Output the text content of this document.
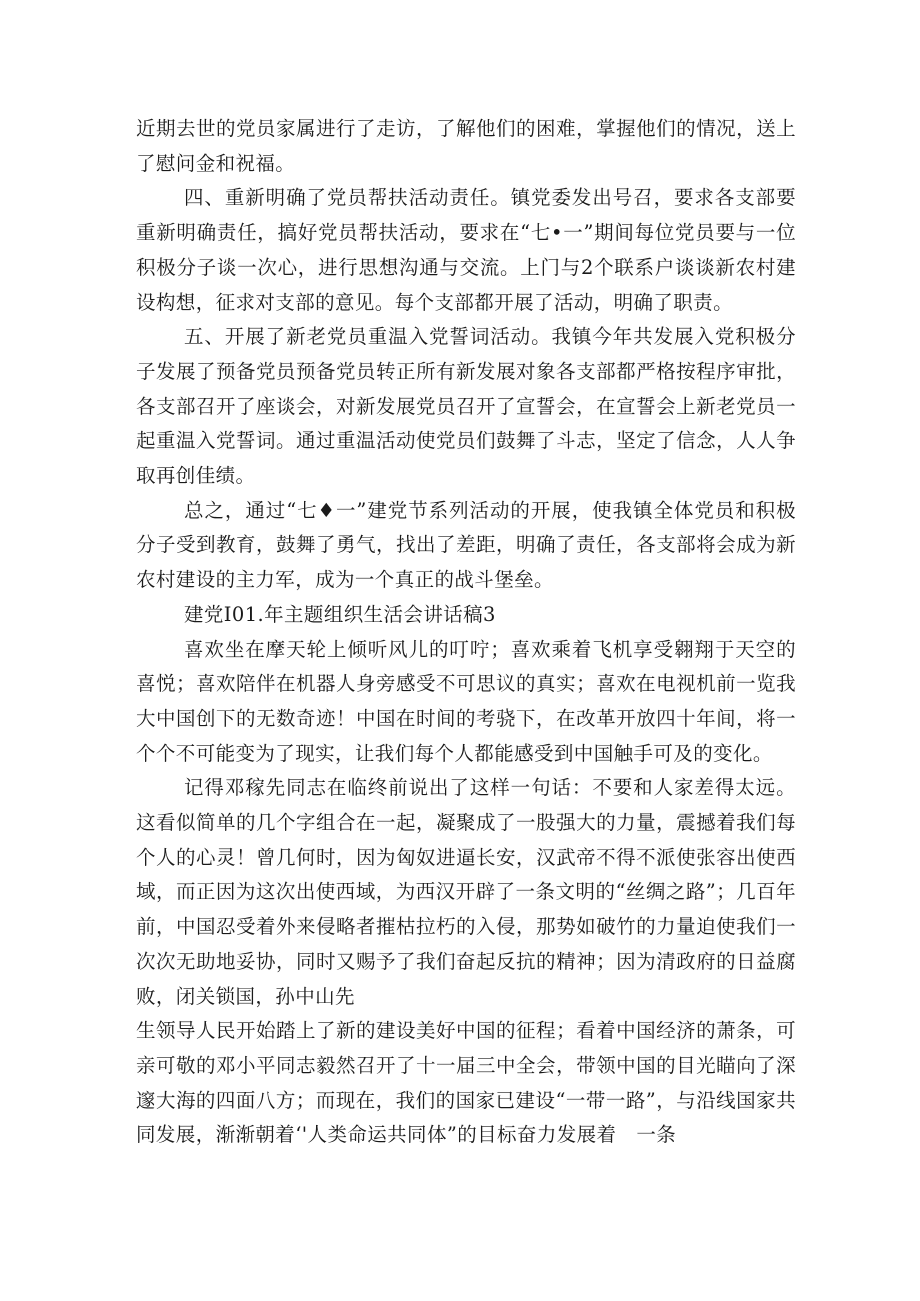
近期去世的党员家属进行了走访，了解他们的困难，掌握他们的情况，送上了慰问金和祝福。

四、重新明确了党员帮扶活动责任。镇党委发出号召，要求各支部要重新明确责任，搞好党员帮扶活动，要求在“七•一”期间每位党员要与一位积极分子谈一次心，进行思想沟通与交流。上门与2个联系户谈谈新农村建设构想，征求对支部的意见。每个支部都开展了活动，明确了职责。

五、开展了新老党员重温入党誓词活动。我镇今年共发展入党积极分子发展了预备党员预备党员转正所有新发展对象各支部都严格按程序审批，各支部召开了座谈会，对新发展党员召开了宣誓会，在宣誓会上新老党员一起重温入党誓词。通过重温活动使党员们鼓舞了斗志，坚定了信念，人人争取再创佳绩。

总之，通过“七♦一”建党节系列活动的开展，使我镇全体党员和积极分子受到教育，鼓舞了勇气，找出了差距，明确了责任，各支部将会成为新农村建设的主力军，成为一个真正的战斗堡垒。

建党I01.年主题组织生活会讲话稿3

喜欢坐在摩天轮上倾听风儿的叮咛；喜欢乘着飞机享受翱翔于天空的喜悦；喜欢陪伴在机器人身旁感受不可思议的真实；喜欢在电视机前一览我大中国创下的无数奇迹！中国在时间的考骁下，在改革开放四十年间，将一个个不可能变为了现实，让我们每个人都能感受到中国触手可及的变化。

记得邓稼先同志在临终前说出了这样一句话：不要和人家差得太远。这看似简单的几个字组合在一起，凝聚成了一股强大的力量，震撼着我们每个人的心灵！曾几何时，因为匈奴进逼长安，汉武帝不得不派使张容出使西域，而正因为这次出使西域，为西汉开辟了一条文明的“丝绸之路”；几百年前，中国忍受着外来侵略者摧枯拉朽的入侵，那势如破竹的力量迫使我们一次次无助地妥协，同时又赐予了我们奋起反抗的精神；因为清政府的日益腐败，闭关锁国，孙中山先

生领导人民开始踏上了新的建设美好中国的征程；看着中国经济的萧条，可亲可敬的邓小平同志毅然召开了十一届三中全会，带领中国的目光瞄向了深邃大海的四面八方；而现在，我们的国家已建设“一带一路”，与沿线国家共同发展，渐渐朝着‘'人类命运共同体”的目标奋力发展着　一条
